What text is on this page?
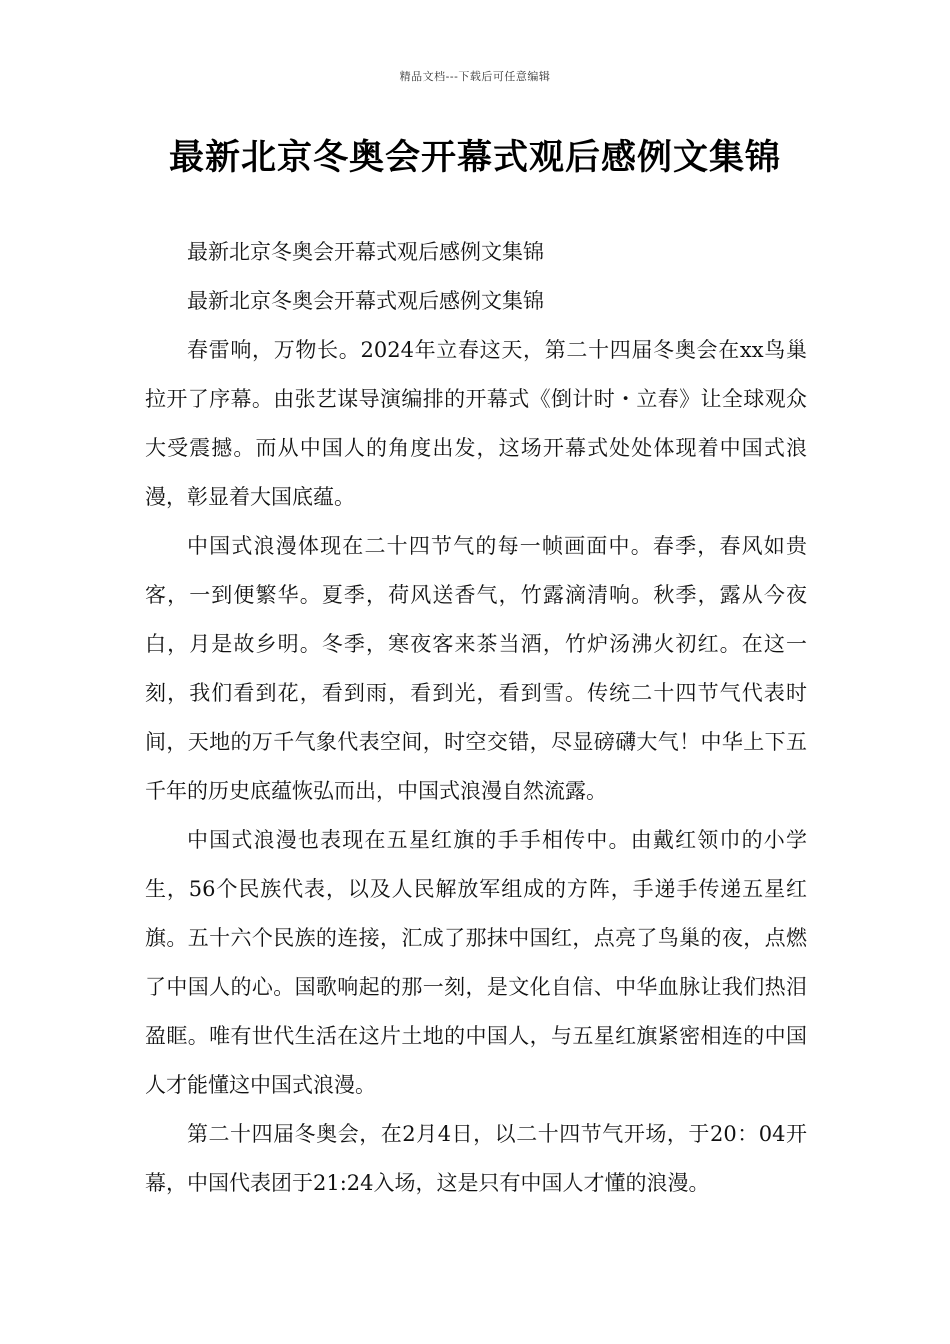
精品文档---下载后可任意编辑
最新北京冬奥会开幕式观后感例文集锦

最新北京冬奥会开幕式观后感例文集锦

最新北京冬奥会开幕式观后感例文集锦

春雷响，万物长。2024年立春这天，第二十四届冬奥会在xx鸟巢拉开了序幕。由张艺谋导演编排的开幕式《倒计时・立春》让全球观众大受震撼。而从中国人的角度出发，这场开幕式处处体现着中国式浪漫，彰显着大国底蕴。

中国式浪漫体现在二十四节气的每一帧画面中。春季，春风如贵客，一到便繁华。夏季，荷风送香气，竹露滴清响。秋季，露从今夜白，月是故乡明。冬季，寒夜客来茶当酒，竹炉汤沸火初红。在这一刻，我们看到花，看到雨，看到光，看到雪。传统二十四节气代表时间，天地的万千气象代表空间，时空交错，尽显磅礴大气！中华上下五千年的历史底蕴恢弘而出，中国式浪漫自然流露。

中国式浪漫也表现在五星红旗的手手相传中。由戴红领巾的小学生，56个民族代表，以及人民解放军组成的方阵，手递手传递五星红旗。五十六个民族的连接，汇成了那抹中国红，点亮了鸟巢的夜，点燃了中国人的心。国歌响起的那一刻，是文化自信、中华血脉让我们热泪盈眶。唯有世代生活在这片土地的中国人，与五星红旗紧密相连的中国人才能懂这中国式浪漫。

第二十四届冬奥会，在2月4日，以二十四节气开场，于20：04开幕，中国代表团于21:24入场，这是只有中国人才懂的浪漫。
